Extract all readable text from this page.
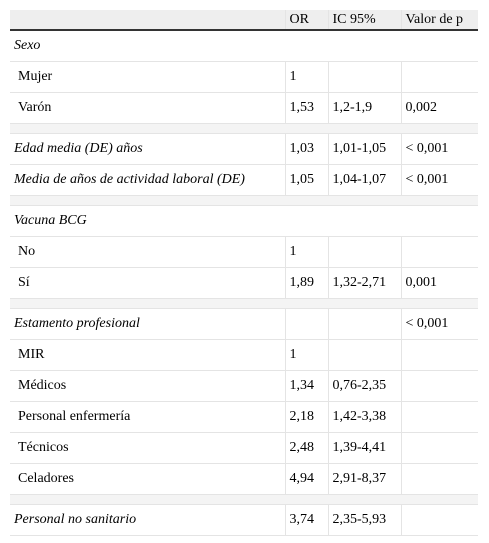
	OR	IC 95%	Valor de p
Sexo			
Mujer	1		
Varón	1,53	1,2-1,9	0,002

Edad media (DE) años	1,03	1,01-1,05	< 0,001
Media de años de actividad laboral (DE)	1,05	1,04-1,07	< 0,001

Vacuna BCG			
No	1		
Sí	1,89	1,32-2,71	0,001

Estamento profesional			< 0,001
MIR	1		
Médicos	1,34	0,76-2,35	
Personal enfermería	2,18	1,42-3,38	
Técnicos	2,48	1,39-4,41	
Celadores	4,94	2,91-8,37	

Personal no sanitario	3,74	2,35-5,93	
